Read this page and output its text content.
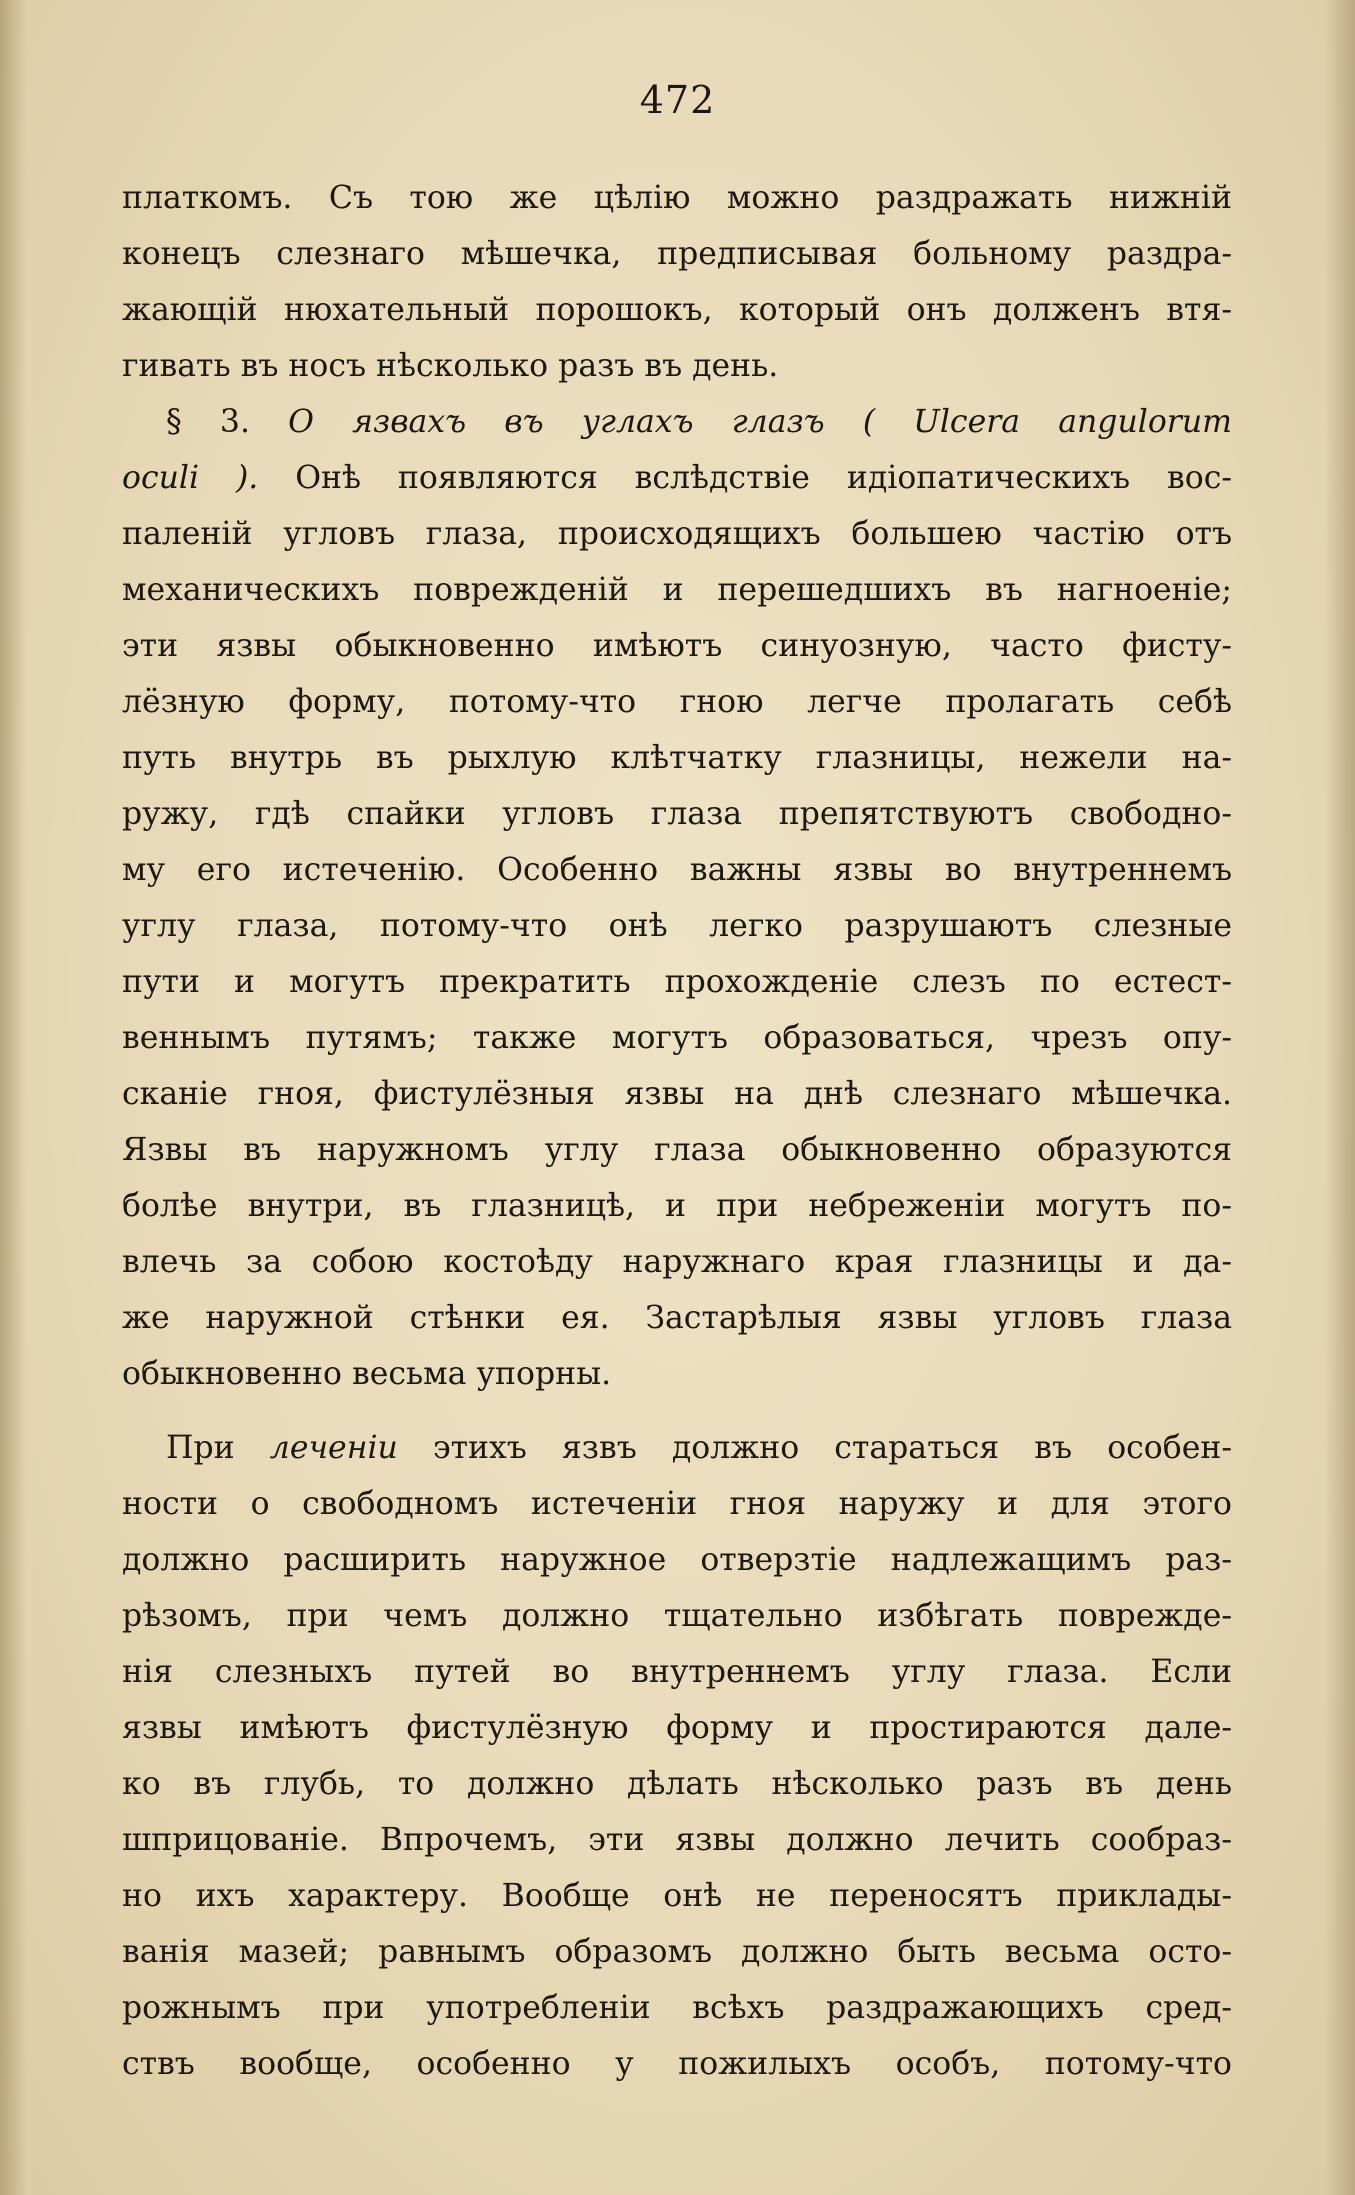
472
платкомъ. Съ тою же цѣлію можно раздражать нижній
конецъ слезнаго мѣшечка, предписывая больному раздра-
жающій нюхательный порошокъ, который онъ долженъ втя-
гивать въ носъ нѣсколько разъ въ день.
§ 3. О язвахъ въ углахъ глазъ ( Ulcera angulorum
oculi ). Онѣ появляются вслѣдствіе идіопатическихъ вос-
паленій угловъ глаза, происходящихъ большею частію отъ
механическихъ поврежденій и перешедшихъ въ нагноеніе;
эти язвы обыкновенно имѣютъ синуозную, часто фисту-
лёзную форму, потому-что гною легче пролагать себѣ
путь внутрь въ рыхлую клѣтчатку глазницы, нежели на-
ружу, гдѣ спайки угловъ глаза препятствуютъ свободно-
му его истеченію. Особенно важны язвы во внутреннемъ
углу глаза, потому-что онѣ легко разрушаютъ слезные
пути и могутъ прекратить прохожденіе слезъ по естест-
веннымъ путямъ; также могутъ образоваться, чрезъ опу-
сканіе гноя, фистулёзныя язвы на днѣ слезнаго мѣшечка.
Язвы въ наружномъ углу глаза обыкновенно образуются
болѣе внутри, въ глазницѣ, и при небреженіи могутъ по-
влечь за собою костоѣду наружнаго края глазницы и да-
же наружной стѣнки ея. Застарѣлыя язвы угловъ глаза
обыкновенно весьма упорны.
При леченіи этихъ язвъ должно стараться въ особен-
ности о свободномъ истеченіи гноя наружу и для этого
должно расширить наружное отверзтіе надлежащимъ раз-
рѣзомъ, при чемъ должно тщательно избѣгать поврежде-
нія слезныхъ путей во внутреннемъ углу глаза. Если
язвы имѣютъ фистулёзную форму и простираются дале-
ко въ глубь, то должно дѣлать нѣсколько разъ въ день
шприцованіе. Впрочемъ, эти язвы должно лечить сообраз-
но ихъ характеру. Вообще онѣ не переносятъ приклады-
ванія мазей; равнымъ образомъ должно быть весьма осто-
рожнымъ при употребленіи всѣхъ раздражающихъ сред-
ствъ вообще, особенно у пожилыхъ особъ, потому-что
